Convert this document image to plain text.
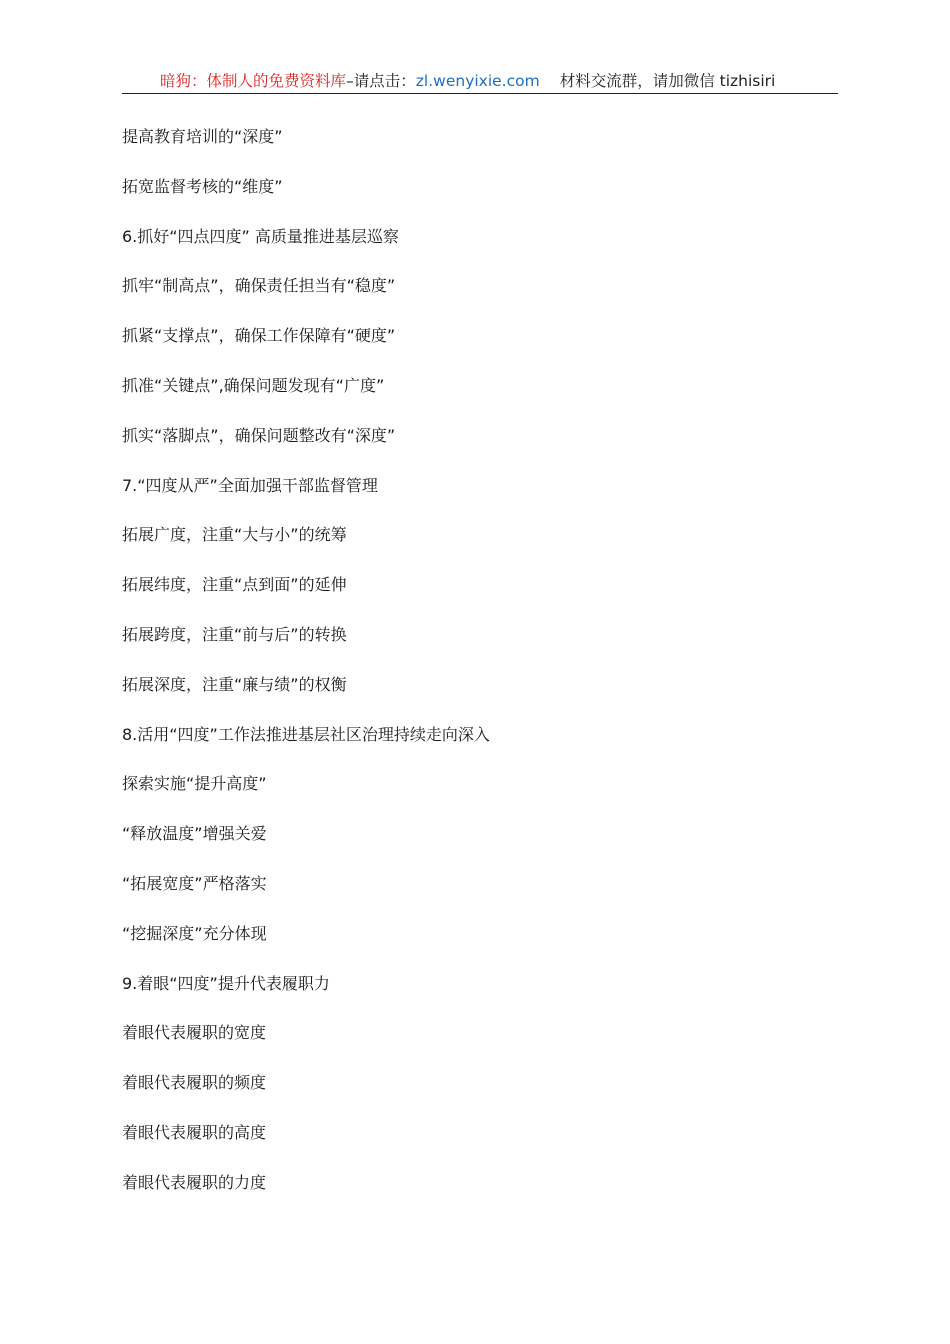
暗狗：体制人的免费资料库–请点击：zl.wenyixie.com 材料交流群，请加微信 tizhisiri

提高教育培训的“深度”

拓宽监督考核的“维度”

6.抓好“四点四度” 高质量推进基层巡察

抓牢“制高点”，确保责任担当有“稳度”

抓紧“支撑点”，确保工作保障有“硬度”

抓准“关键点”,确保问题发现有“广度”

抓实“落脚点”，确保问题整改有“深度”

7.“四度从严”全面加强干部监督管理

拓展广度，注重“大与小”的统筹

拓展纬度，注重“点到面”的延伸

拓展跨度，注重“前与后”的转换

拓展深度，注重“廉与绩”的权衡

8.活用“四度”工作法推进基层社区治理持续走向深入

探索实施“提升高度”

“释放温度”增强关爱

“拓展宽度”严格落实

“挖掘深度”充分体现

9.着眼“四度”提升代表履职力

着眼代表履职的宽度

着眼代表履职的频度

着眼代表履职的高度

着眼代表履职的力度
